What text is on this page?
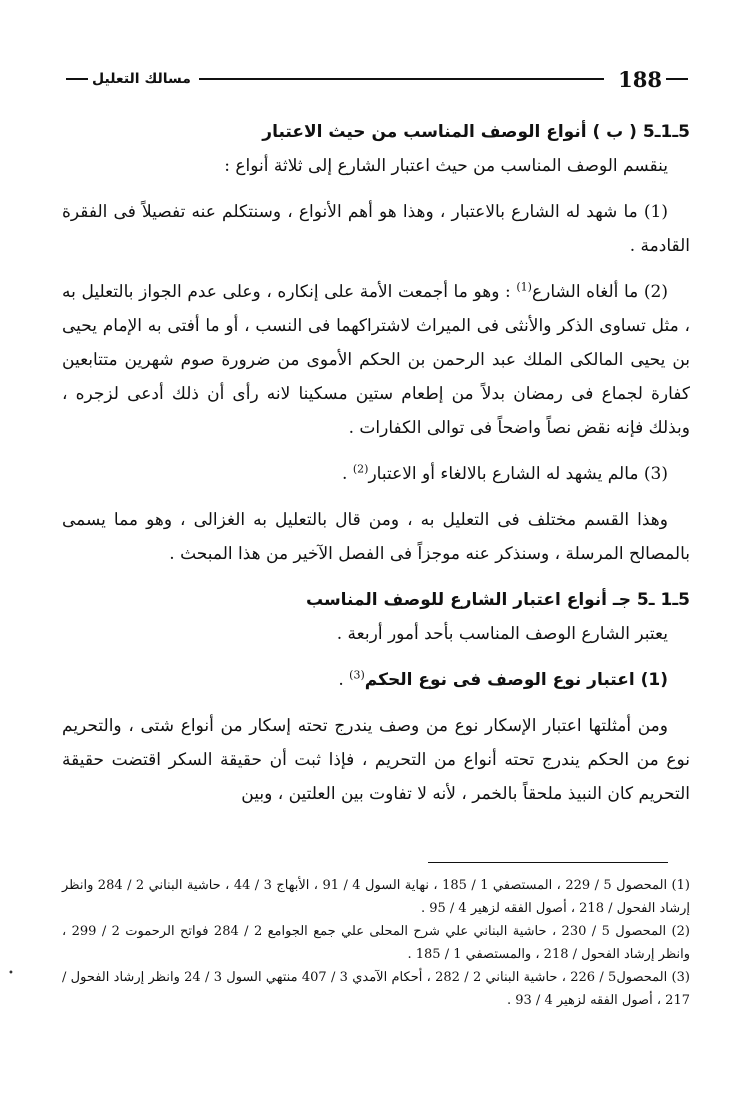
188
مسالك التعليل

5ـ1ـ5 ( ب ) أنواع الوصف المناسب من حيث الاعتبار

ينقسم الوصف المناسب من حيث اعتبار الشارع إلى ثلاثة أنواع :

(1) ما شهد له الشارع بالاعتبار ، وهذا هو أهم الأنواع ، وسنتكلم عنه تفصيلاً فى الفقرة القادمة .

(2) ما ألغاه الشارع$^{(1)}$ : وهو ما أجمعت الأمة على إنكاره ، وعلى عدم الجواز بالتعليل به ، مثل تساوى الذكر والأنثى فى الميراث لاشتراكهما فى النسب ، أو ما أفتى به الإمام يحيى بن يحيى المالكى الملك عبد الرحمن بن الحكم الأموى من ضرورة صوم شهرين متتابعين كفارة لجماع فى رمضان بدلاً من إطعام ستين مسكينا لانه رأى أن ذلك أدعى لزجره ، وبذلك فإنه نقض نصاً واضحاً فى توالى الكفارات .

(3) مالم يشهد له الشارع بالالغاء أو الاعتبار$^{(2)}$ .

وهذا القسم مختلف فى التعليل به ، ومن قال بالتعليل به الغزالى ، وهو مما يسمى بالمصالح المرسلة ، وسنذكر عنه موجزاً فى الفصل الآخير من هذا المبحث .

5ـ1 ـ5 جـ أنواع اعتبار الشارع للوصف المناسب

يعتبر الشارع الوصف المناسب بأحد أمور أربعة .

(1) اعتبار نوع الوصف فى نوع الحكم$^{(3)}$ .

ومن أمثلتها اعتبار الإسكار نوع من وصف يندرج تحته إسكار من أنواع شتى ، والتحريم نوع من الحكم يندرج تحته أنواع من التحريم ، فإذا ثبت أن حقيقة السكر اقتضت حقيقة التحريم كان النبيذ ملحقاً بالخمر ، لأنه لا تفاوت بين العلتين ، وبين

(1) المحصول 5 / 229 ، المستصفي 1 / 185 ، نهاية السول 4 / 91 ، الأبهاج 3 / 44 ، حاشية البناني 2 / 284 وانظر إرشاد الفحول / 218 ، أصول الفقه لزهير 4 / 95 .

(2) المحصول 5 / 230 ، حاشية البناني علي شرح المحلى علي جمع الجوامع 2 / 284 فواتح الرحموت 2 / 299 ، وانظر إرشاد الفحول / 218 ، والمستصفي 1 / 185 .

(3) المحصول5 / 226 ، حاشية البناني 2 / 282 ، أحكام الآمدي 3 / 407 منتهي السول 3 / 24 وانظر إرشاد الفحول / 217 ، أصول الفقه لزهير 4 / 93 .

•
